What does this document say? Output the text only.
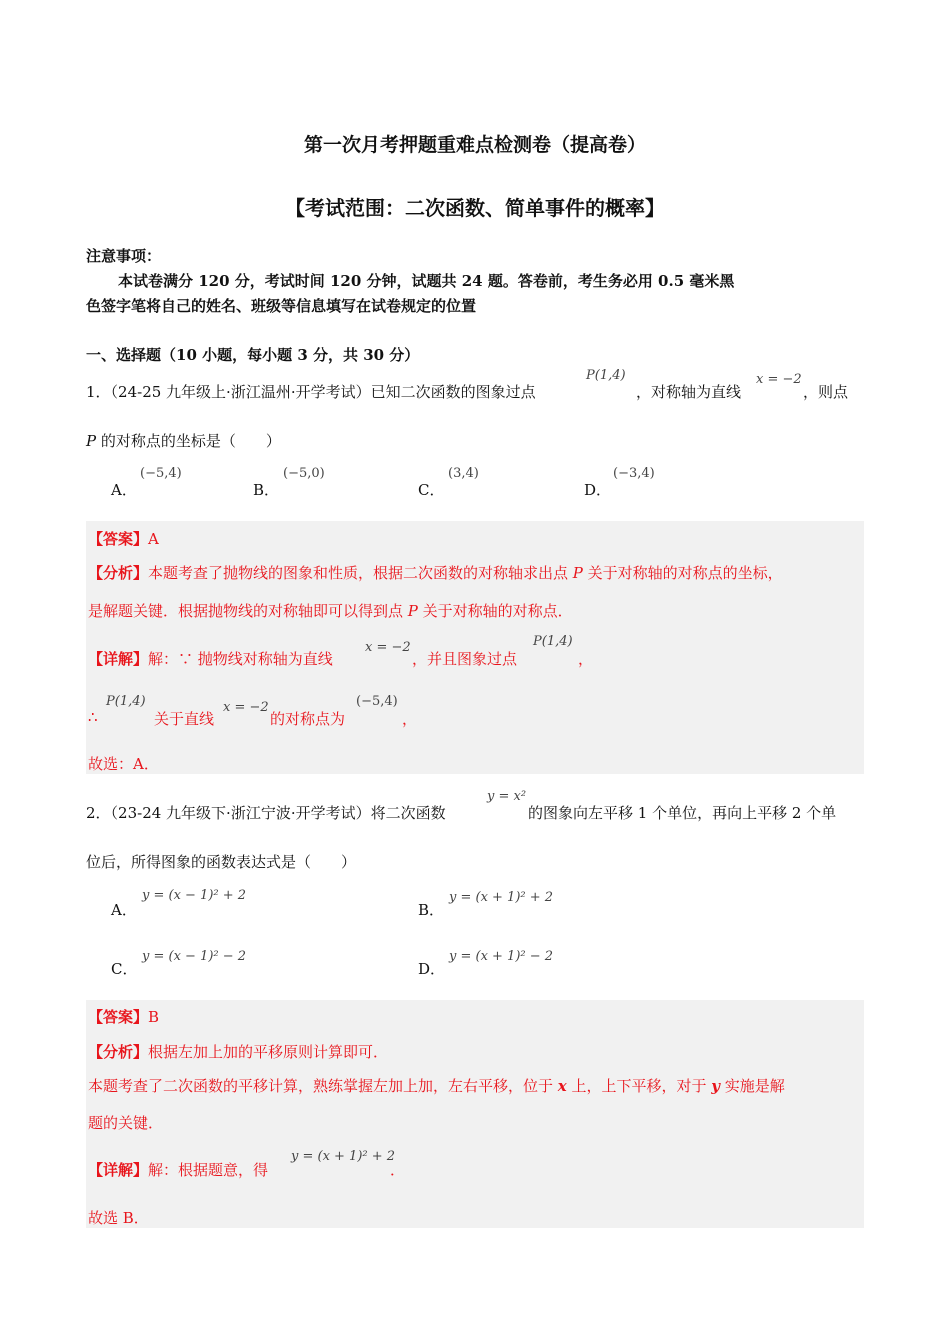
第一次月考押题重难点检测卷（提高卷）
【考试范围：二次函数、简单事件的概率】
注意事项：
本试卷满分 120 分，考试时间 120 分钟，试题共 24 题。答卷前，考生务必用 0.5 毫米黑
色签字笔将自己的姓名、班级等信息填写在试卷规定的位置
一、选择题（10 小题，每小题 3 分，共 30 分）
1．（24-25 九年级上·浙江温州·开学考试）已知二次函数的图象过点
P(1,4)
，对称轴为直线
x = −2
，则点
P 的对称点的坐标是（　　）
A．
(−5,4)
B．
(−5,0)
C．
(3,4)
D．
(−3,4)
【答案】A
【分析】本题考查了抛物线的图象和性质，根据二次函数的对称轴求出点 P 关于对称轴的对称点的坐标，
是解题关键．根据抛物线的对称轴即可以得到点 P 关于对称轴的对称点．
【详解】解：∵ 抛物线对称轴为直线
x = −2
，并且图象过点
P(1,4)
，
∴
P(1,4)
关于直线
x = −2
的对称点为
(−5,4)
，
故选：A．
2．（23-24 九年级下·浙江宁波·开学考试）将二次函数
y = x²
的图象向左平移 1 个单位，再向上平移 2 个单
位后，所得图象的函数表达式是（　　）
A．
y = (x − 1)² + 2
B．
y = (x + 1)² + 2
C．
y = (x − 1)² − 2
D．
y = (x + 1)² − 2
【答案】B
【分析】根据左加上加的平移原则计算即可．
本题考查了二次函数的平移计算，熟练掌握左加上加，左右平移，位于 x 上，上下平移，对于 y 实施是解
题的关键．
【详解】解：根据题意，得
y = (x + 1)² + 2
．
故选 B．
